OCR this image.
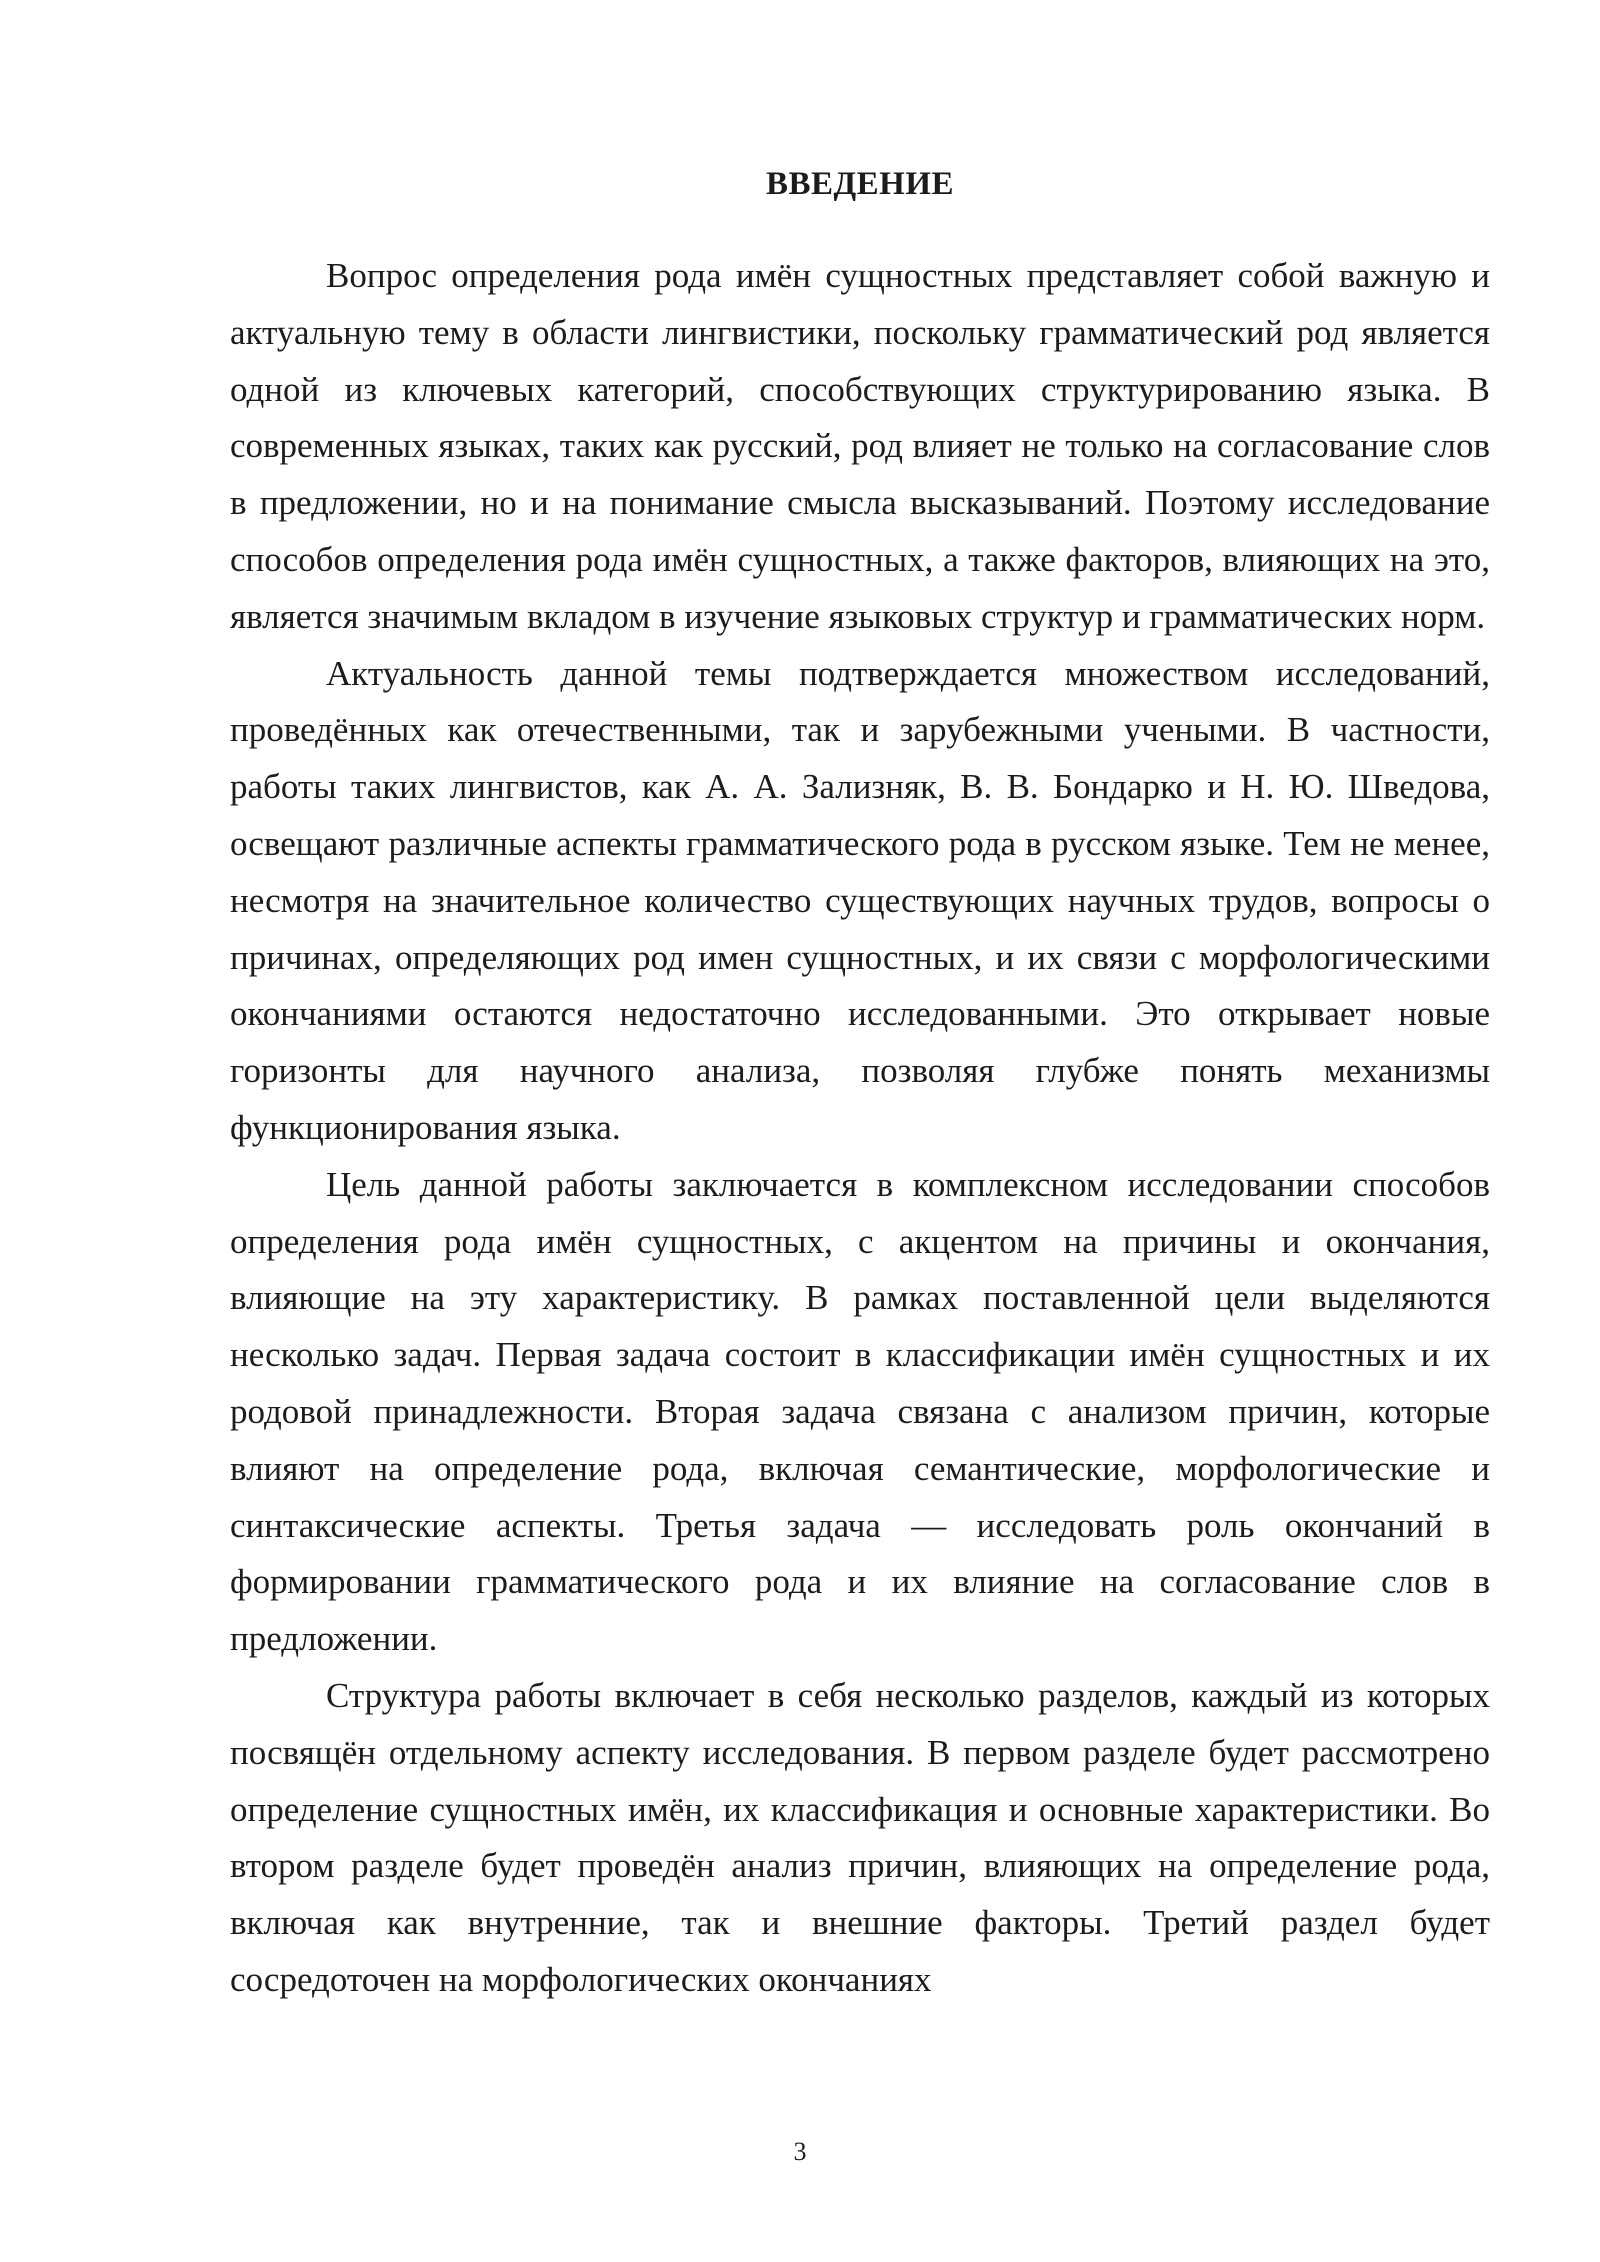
ВВЕДЕНИЕ

Вопрос определения рода имён сущностных представляет собой важную и актуальную тему в области лингвистики, поскольку грамматический род является одной из ключевых категорий, способствующих структурированию языка. В современных языках, таких как русский, род влияет не только на согласование слов в предложении, но и на понимание смысла высказываний. Поэтому исследование способов определения рода имён сущностных, а также факторов, влияющих на это, является значимым вкладом в изучение языковых структур и грамматических норм.

Актуальность данной темы подтверждается множеством исследований, проведённых как отечественными, так и зарубежными учеными. В частности, работы таких лингвистов, как А. А. Зализняк, В. В. Бондарко и Н. Ю. Шведова, освещают различные аспекты грамматического рода в русском языке. Тем не менее, несмотря на значительное количество существующих научных трудов, вопросы о причинах, определяющих род имен сущностных, и их связи с морфологическими окончаниями остаются недостаточно исследованными. Это открывает новые горизонты для научного анализа, позволяя глубже понять механизмы функционирования языка.

Цель данной работы заключается в комплексном исследовании способов определения рода имён сущностных, с акцентом на причины и окончания, влияющие на эту характеристику. В рамках поставленной цели выделяются несколько задач. Первая задача состоит в классификации имён сущностных и их родовой принадлежности. Вторая задача связана с анализом причин, которые влияют на определение рода, включая семантические, морфологические и синтаксические аспекты. Третья задача — исследовать роль окончаний в формировании грамматического рода и их влияние на согласование слов в предложении.

Структура работы включает в себя несколько разделов, каждый из которых посвящён отдельному аспекту исследования. В первом разделе будет рассмотрено определение сущностных имён, их классификация и основные характеристики. Во втором разделе будет проведён анализ причин, влияющих на определение рода, включая как внутренние, так и внешние факторы. Третий раздел будет сосредоточен на морфологических окончаниях

3
